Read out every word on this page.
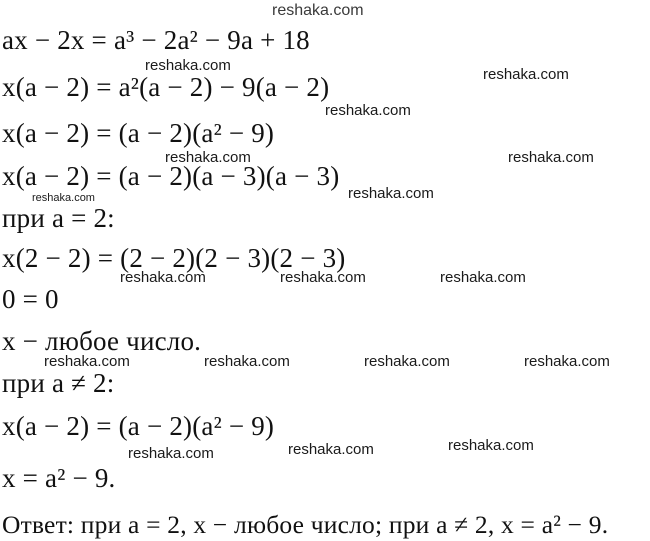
ax − 2x = a³ − 2a² − 9a + 18
x(a − 2) = a²(a − 2) − 9(a − 2)
x(a − 2) = (a − 2)(a² − 9)
x(a − 2) = (a − 2)(a − 3)(a − 3)
при a = 2:
x(2 − 2) = (2 − 2)(2 − 3)(2 − 3)
0 = 0
x − любое число.
при a ≠ 2:
x(a − 2) = (a − 2)(a² − 9)
x = a² − 9.
Ответ: при a = 2, x − любое число; при a ≠ 2, x = a² − 9.
reshaka.com
reshaka.com
reshaka.com
reshaka.com
reshaka.com	reshaka.com
reshaka.com	reshaka.com
reshaka.com	reshaka.com	reshaka.com
reshaka.com	reshaka.com	reshaka.com	reshaka.com
reshaka.com
reshaka.com
reshaka.com
